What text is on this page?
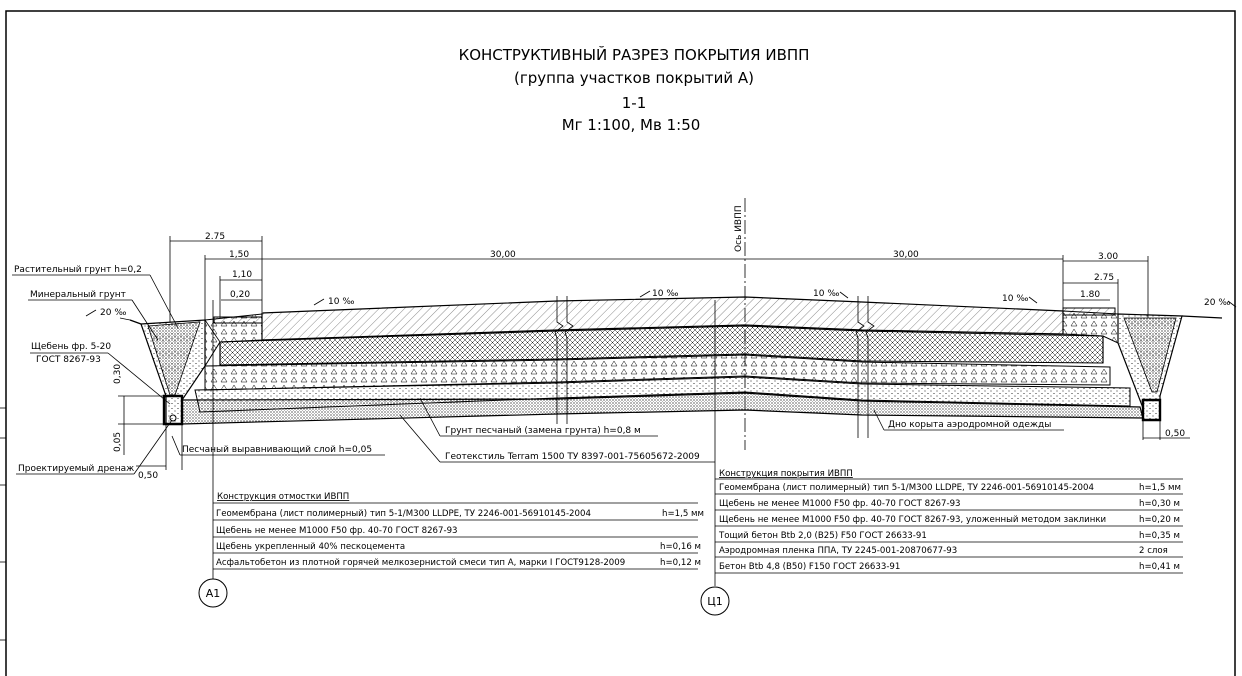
КОНСТРУКТИВНЫЙ РАЗРЕЗ ПОКРЫТИЯ ИВПП
(группа участков покрытий А)
1-1
Мг 1:100, Мв 1:50
Ось ИВПП
2.75
1,50
1,10
0,20
30,00	30,00	3.00
2.75
1.80
0,30
0,05
0,50
0,50
20 ‰
10 ‰
10 ‰	10 ‰	10 ‰	20 ‰
Растительный грунт h=0,2
Минеральный грунт
Щебень фр. 5-20
ГОСТ 8267-93
Проектируемый дренаж
Песчаный выравнивающий слой h=0,05
Грунт песчаный (замена грунта) h=0,8 м
Геотекстиль Terram 1500 ТУ 8397-001-75605672-2009
Дно корыта аэродромной одежды
Конструкция отмостки ИВПП
Геомембрана (лист полимерный) тип 5-1/М300 LLDPE, ТУ 2246-001-56910145-2004	h=1,5 мм
Щебень не менее М1000 F50 фр. 40-70 ГОСТ 8267-93
Щебень укрепленный 40% пескоцемента	h=0,16 м
Асфальтобетон из плотной горячей мелкозернистой смеси тип А, марки I ГОСТ9128-2009	h=0,12 м
А1
Конструкция покрытия ИВПП
Геомембрана (лист полимерный) тип 5-1/М300 LLDPE, ТУ 2246-001-56910145-2004	h=1,5 мм
Щебень не менее М1000 F50 фр. 40-70 ГОСТ 8267-93	h=0,30 м
Щебень не менее М1000 F50 фр. 40-70 ГОСТ 8267-93, уложенный методом заклинки	h=0,20 м
Тощий бетон Вtb 2,0 (В25) F50 ГОСТ 26633-91	h=0,35 м
Аэродромная пленка ППА, ТУ 2245-001-20870677-93	2 слоя
Бетон Вtb 4,8 (В50) F150 ГОСТ 26633-91	h=0,41 м
Ц1
